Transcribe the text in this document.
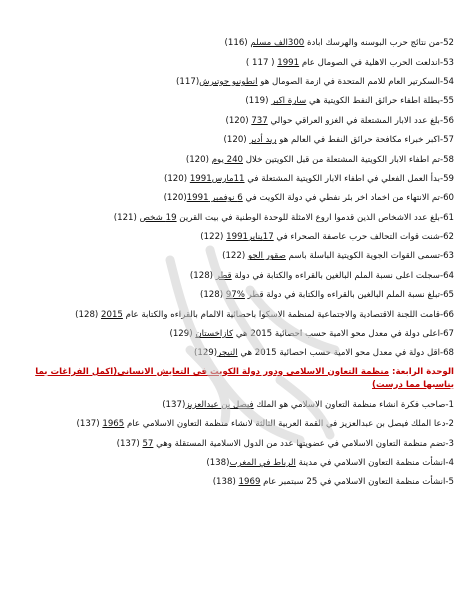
52-من نتائج حرب البوسنه والهرسك ابادة
300الف مسلم
(116)
53-اندلعت الحرب الاهلية في الصومال عام
1991
( 117 )
54-السكرتير العام للامم المتحدة في ازمة الصومال هو
انطونيو جوتيرش
(117)
55-بطلة اطفاء حرائق النفط الكويتية هي
سارة اكبر
(119)
56-بلغ عدد الابار المشتعلة في الغزو العراقي حوالي
737
(120)
57-اكبر خبراء مكافحة حرائق النفط في العالم هو
ريد أدير
(120)
58-تم اطفاء الابار الكويتية المشتعلة من قبل الكويتين خلال
240 يوم
(120)
59-بدأ العمل الفعلي في اطفاء الابار الكويتية المشتعلة في
11مارس1991
(120)
60-تم الانتهاء من اخماد اخر بئر نفطي في دولة الكويت في
6 نوفمبر 1991
(120)
61-بلغ عدد الاشخاص الذين قدموا اروع الامثلة للوحدة الوطنية في بيت القرين
19 شخص
(121)
62-شنت قوات التحالف حرب عاصفة الصحراء في
17يناير1991
(122)
63-تسمى القوات الجوية الكويتية الباسلة باسم
صقور الجو
(122)
64-سجلت اعلى نسبة الملم البالغين بالقراءه والكتابة في دولة
قطر
(128)
65-تبلغ نسبة الملم البالغين بالقراءه والكتابة في دولة قطر
97%
(128)
66-قامت اللجنة الاقتصادية والاجتماعية لمنظمة الاسكوا باحصائية الالمام بالقراءه والكتابة عام
2015
(128)
67-اعلى دولة في معدل محو الامية حسب احصائية 2015 هي
كازاخستان
(129)
68-اقل دولة في معدل محو الامية حسب احصائية 2015 هي
النيجر
(129)
الوحدة الرابعة: منظمة التعاون الاسلامي ودور دولة الكويت في التعايش الانساني(اكمل الفراغات بما يناسبها مما درست)
1-صاحب فكرة انشاء منظمة التعاون الاسلامي هو الملك
فيصل بن عبدالعزيز
(137)
2-دعا الملك فيصل بن عبدالعزيز في القمة العربية الثالثة لانشاء منظمة التعاون الاسلامي عام
1965
(137)
3-تضم منظمة التعاون الاسلامي في عضويتها عدد من الدول الاسلامية المستقلة وهي
57
(137)
4-انشأت منظمة التعاون الاسلامي في مدينة
الرباط في المغرب
(138)
5-انشأت منظمة التعاون الاسلامي في 25 سبتمبر عام
1969
(138)
